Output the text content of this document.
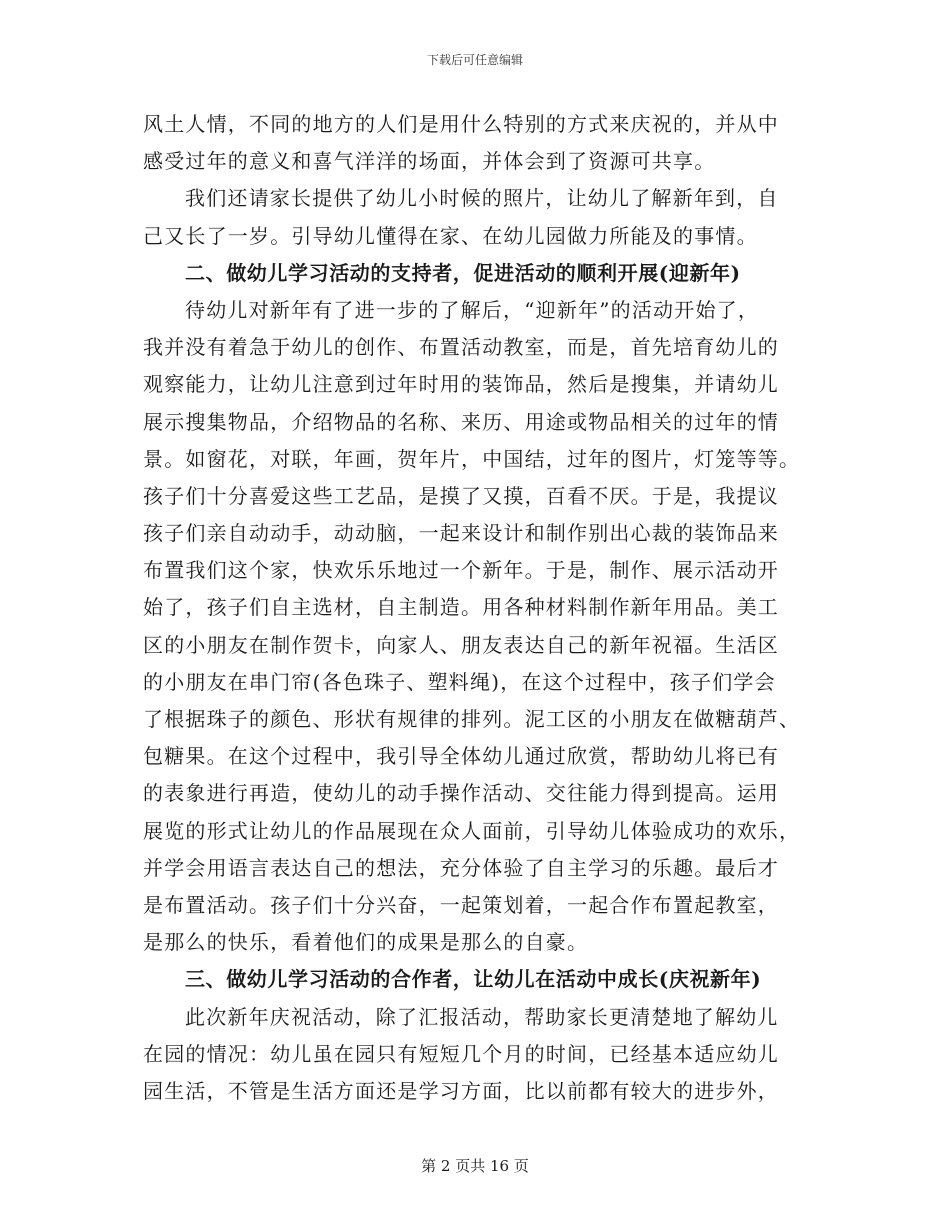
下载后可任意编辑
风土人情，不同的地方的人们是用什么特别的方式来庆祝的，并从中
感受过年的意义和喜气洋洋的场面，并体会到了资源可共享。
我们还请家长提供了幼儿小时候的照片，让幼儿了解新年到，自
己又长了一岁。引导幼儿懂得在家、在幼儿园做力所能及的事情。
二、做幼儿学习活动的支持者，促进活动的顺利开展(迎新年)
待幼儿对新年有了进一步的了解后，“迎新年”的活动开始了，
我并没有着急于幼儿的创作、布置活动教室，而是，首先培育幼儿的
观察能力，让幼儿注意到过年时用的装饰品，然后是搜集，并请幼儿
展示搜集物品，介绍物品的名称、来历、用途或物品相关的过年的情
景。如窗花，对联，年画，贺年片，中国结，过年的图片，灯笼等等。
孩子们十分喜爱这些工艺品，是摸了又摸，百看不厌。于是，我提议
孩子们亲自动动手，动动脑，一起来设计和制作别出心裁的装饰品来
布置我们这个家，快欢乐乐地过一个新年。于是，制作、展示活动开
始了，孩子们自主选材，自主制造。用各种材料制作新年用品。美工
区的小朋友在制作贺卡，向家人、朋友表达自己的新年祝福。生活区
的小朋友在串门帘(各色珠子、塑料绳)，在这个过程中，孩子们学会
了根据珠子的颜色、形状有规律的排列。泥工区的小朋友在做糖葫芦、
包糖果。在这个过程中，我引导全体幼儿通过欣赏，帮助幼儿将已有
的表象进行再造，使幼儿的动手操作活动、交往能力得到提高。运用
展览的形式让幼儿的作品展现在众人面前，引导幼儿体验成功的欢乐，
并学会用语言表达自己的想法，充分体验了自主学习的乐趣。最后才
是布置活动。孩子们十分兴奋，一起策划着，一起合作布置起教室，
是那么的快乐，看着他们的成果是那么的自豪。
三、做幼儿学习活动的合作者，让幼儿在活动中成长(庆祝新年)
此次新年庆祝活动，除了汇报活动，帮助家长更清楚地了解幼儿
在园的情况：幼儿虽在园只有短短几个月的时间，已经基本适应幼儿
园生活，不管是生活方面还是学习方面，比以前都有较大的进步外，
第 2 页共 16 页
